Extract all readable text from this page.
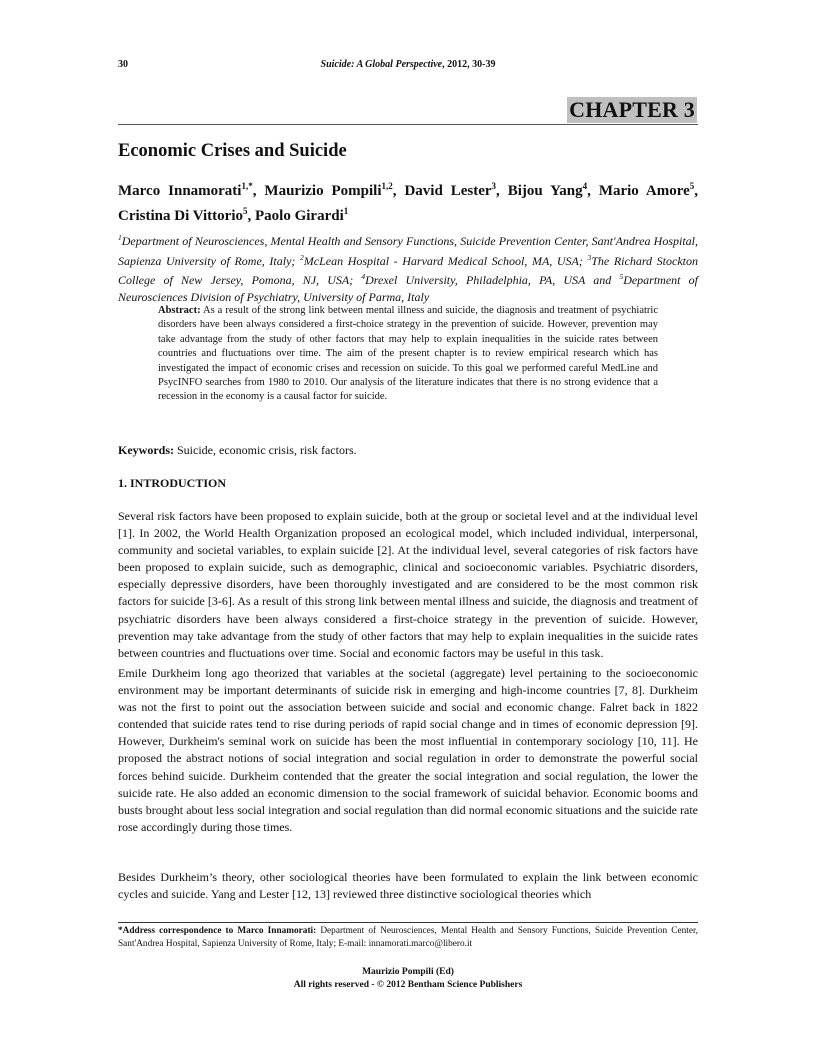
30	Suicide: A Global Perspective, 2012, 30-39
CHAPTER 3
Economic Crises and Suicide
Marco Innamorati$^{1,*}$, Maurizio Pompili$^{1,2}$, David Lester$^3$, Bijou Yang$^4$, Mario Amore$^5$, Cristina Di Vittorio$^5$, Paolo Girardi$^1$
$^1$Department of Neurosciences, Mental Health and Sensory Functions, Suicide Prevention Center, Sant'Andrea Hospital, Sapienza University of Rome, Italy; $^2$McLean Hospital - Harvard Medical School, MA, USA; $^3$The Richard Stockton College of New Jersey, Pomona, NJ, USA; $^4$Drexel University, Philadelphia, PA, USA and $^5$Department of Neurosciences Division of Psychiatry, University of Parma, Italy
Abstract: As a result of the strong link between mental illness and suicide, the diagnosis and treatment of psychiatric disorders have been always considered a first-choice strategy in the prevention of suicide. However, prevention may take advantage from the study of other factors that may help to explain inequalities in the suicide rates between countries and fluctuations over time. The aim of the present chapter is to review empirical research which has investigated the impact of economic crises and recession on suicide. To this goal we performed careful MedLine and PsycINFO searches from 1980 to 2010. Our analysis of the literature indicates that there is no strong evidence that a recession in the economy is a causal factor for suicide.
Keywords: Suicide, economic crisis, risk factors.
1. INTRODUCTION
Several risk factors have been proposed to explain suicide, both at the group or societal level and at the individual level [1]. In 2002, the World Health Organization proposed an ecological model, which included individual, interpersonal, community and societal variables, to explain suicide [2]. At the individual level, several categories of risk factors have been proposed to explain suicide, such as demographic, clinical and socioeconomic variables. Psychiatric disorders, especially depressive disorders, have been thoroughly investigated and are considered to be the most common risk factors for suicide [3-6]. As a result of this strong link between mental illness and suicide, the diagnosis and treatment of psychiatric disorders have been always considered a first-choice strategy in the prevention of suicide. However, prevention may take advantage from the study of other factors that may help to explain inequalities in the suicide rates between countries and fluctuations over time. Social and economic factors may be useful in this task.
Emile Durkheim long ago theorized that variables at the societal (aggregate) level pertaining to the socioeconomic environment may be important determinants of suicide risk in emerging and high-income countries [7, 8]. Durkheim was not the first to point out the association between suicide and social and economic change. Falret back in 1822 contended that suicide rates tend to rise during periods of rapid social change and in times of economic depression [9]. However, Durkheim's seminal work on suicide has been the most influential in contemporary sociology [10, 11]. He proposed the abstract notions of social integration and social regulation in order to demonstrate the powerful social forces behind suicide. Durkheim contended that the greater the social integration and social regulation, the lower the suicide rate. He also added an economic dimension to the social framework of suicidal behavior. Economic booms and busts brought about less social integration and social regulation than did normal economic situations and the suicide rate rose accordingly during those times.
Besides Durkheim’s theory, other sociological theories have been formulated to explain the link between economic cycles and suicide. Yang and Lester [12, 13] reviewed three distinctive sociological theories which
*Address correspondence to Marco Innamorati: Department of Neurosciences, Mental Health and Sensory Functions, Suicide Prevention Center, Sant'Andrea Hospital, Sapienza University of Rome, Italy; E-mail: innamorati.marco@libero.it
Maurizio Pompili (Ed)
All rights reserved - © 2012 Bentham Science Publishers
